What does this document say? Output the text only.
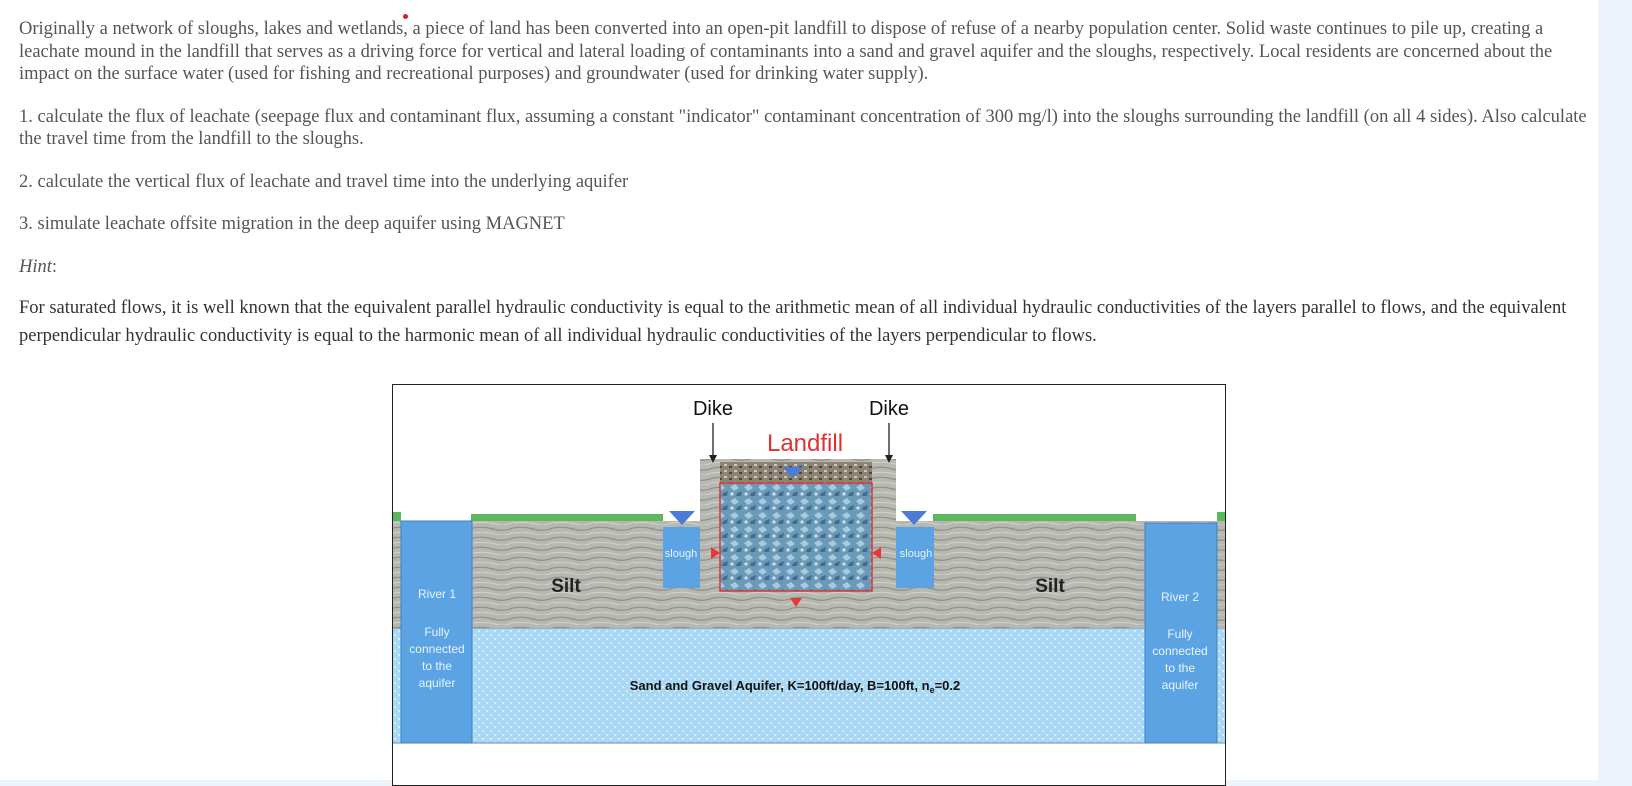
Originally a network of sloughs, lakes and wetlands, a piece of land has been converted into an open-pit landfill to dispose of refuse of a nearby population center. Solid waste continues to pile up, creating a leachate mound in the landfill that serves as a driving force for vertical and lateral loading of contaminants into a sand and gravel aquifer and the sloughs, respectively. Local residents are concerned about the impact on the surface water (used for fishing and recreational purposes) and groundwater (used for drinking water supply).

1. calculate the flux of leachate (seepage flux and contaminant flux, assuming a constant "indicator" contaminant concentration of 300 mg/l) into the sloughs surrounding the landfill (on all 4 sides). Also calculate the travel time from the landfill to the sloughs.

2. calculate the vertical flux of leachate and travel time into the underlying aquifer

3. simulate leachate offsite migration in the deep aquifer using MAGNET

Hint:

For saturated flows, it is well known that the equivalent parallel hydraulic conductivity is equal to the arithmetic mean of all individual hydraulic conductivities of the layers parallel to flows, and the equivalent perpendicular hydraulic conductivity is equal to the harmonic mean of all individual hydraulic conductivities of the layers perpendicular to flows.

Dike	Dike
Landfill
slough	slough
Silt	Silt
River 1	River 2
Fully
connected
to the
aquifer
Fully
connected
to the
aquifer
Sand and Gravel Aquifer, K=100ft/day, B=100ft, $n_e=0.2$
